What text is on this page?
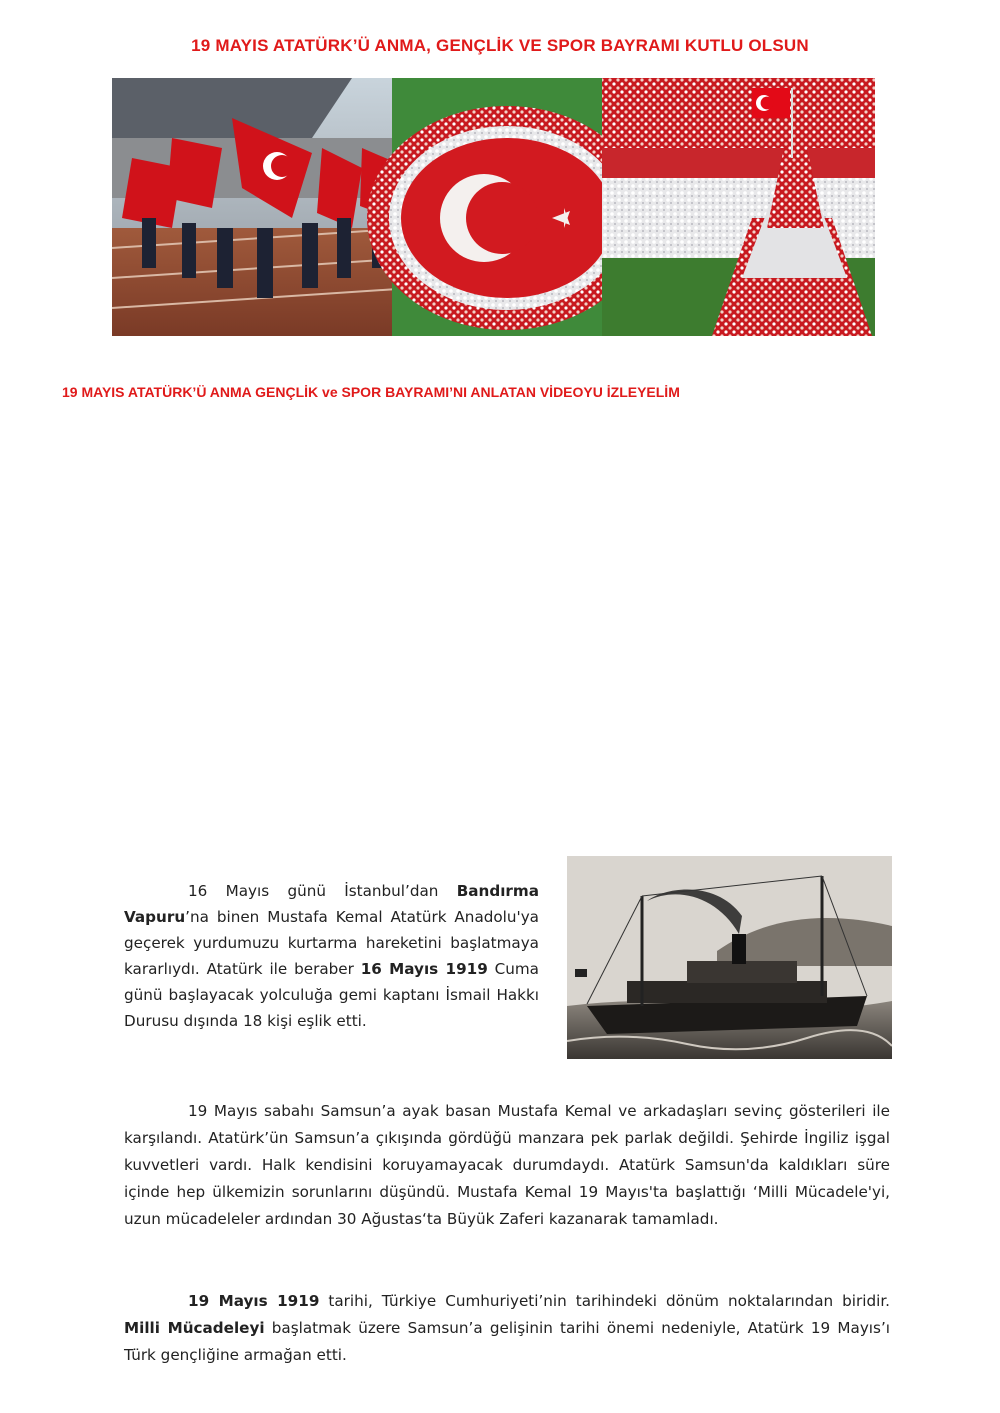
19 MAYIS ATATÜRK’Ü ANMA, GENÇLİK VE SPOR BAYRAMI KUTLU OLSUN
19 MAYIS ATATÜRK’Ü ANMA GENÇLİK ve SPOR BAYRAMI’NI ANLATAN VİDEOYU İZLEYELİM
16 Mayıs günü İstanbul’dan Bandırma Vapuru’na binen Mustafa Kemal Atatürk Anadolu'ya geçerek yurdumuzu kurtarma hareketini başlatmaya kararlıydı. Atatürk ile beraber 16 Mayıs 1919 Cuma günü başlayacak yolculuğa gemi kaptanı İsmail Hakkı Durusu dışında 18 kişi eşlik etti.
19 Mayıs sabahı Samsun’a ayak basan Mustafa Kemal ve arkadaşları sevinç gösterileri ile karşılandı. Atatürk’ün Samsun’a çıkışında gördüğü manzara pek parlak değildi. Şehirde İngiliz işgal kuvvetleri vardı. Halk kendisini koruyamayacak durumdaydı. Atatürk Samsun'da kaldıkları süre içinde hep ülkemizin sorunlarını düşündü. Mustafa Kemal 19 Mayıs'ta başlattığı ‘Milli Mücadele'yi, uzun mücadeleler ardından 30 Ağustas‘ta Büyük Zaferi kazanarak tamamladı.
19 Mayıs 1919 tarihi, Türkiye Cumhuriyeti’nin tarihindeki dönüm noktalarından biridir. Milli Mücadeleyi başlatmak üzere Samsun’a gelişinin tarihi önemi nedeniyle, Atatürk 19 Mayıs’ı Türk gençliğine armağan etti.
